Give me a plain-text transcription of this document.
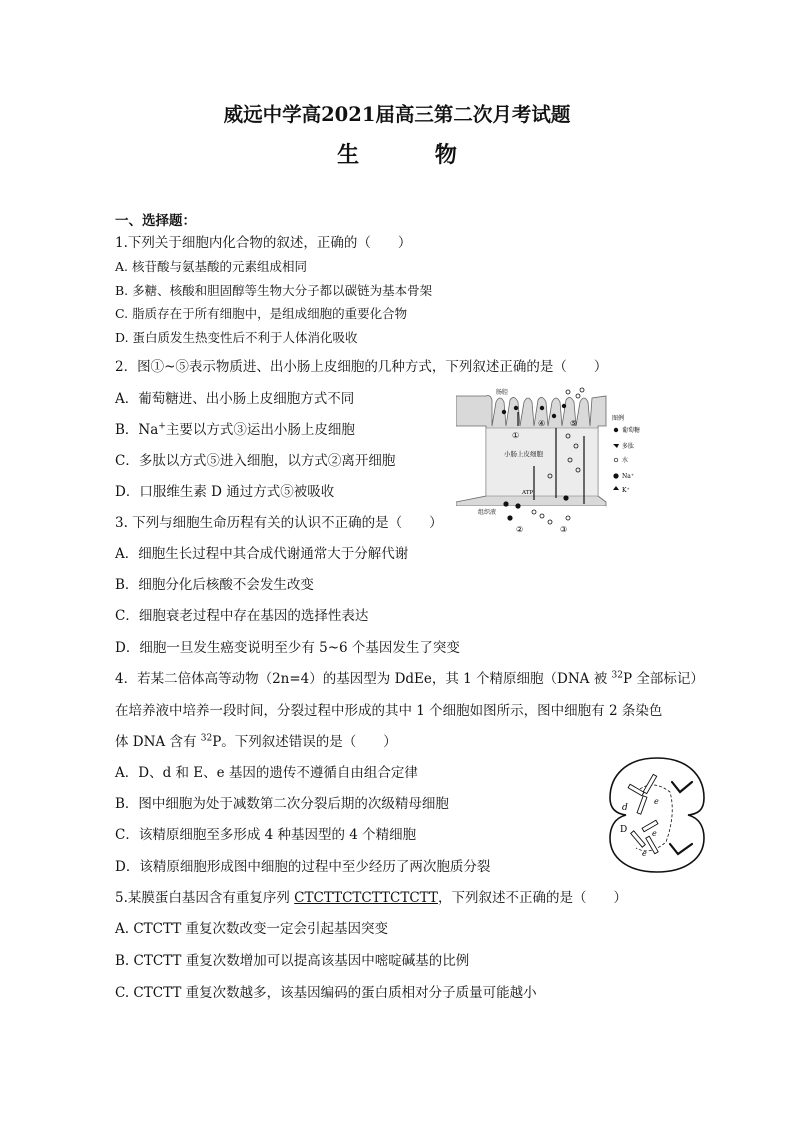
威远中学高2021届高三第二次月考试题
生 物
一、选择题：
1.下列关于细胞内化合物的叙述，正确的（　　）
A. 核苷酸与氨基酸的元素组成相同
B. 多糖、核酸和胆固醇等生物大分子都以碳链为基本骨架
C. 脂质存在于所有细胞中，是组成细胞的重要化合物
D. 蛋白质发生热变性后不利于人体消化吸收
2．图①~⑤表示物质进、出小肠上皮细胞的几种方式，下列叙述正确的是（　　）
A．葡萄糖进、出小肠上皮细胞方式不同
B．Na+主要以方式③运出小肠上皮细胞
C．多肽以方式⑤进入细胞，以方式②离开细胞
D．口服维生素 D 通过方式⑤被吸收
肠腔
小肠上皮细胞
组织液
①
②	③
④	⑤
ATP
图例
葡萄糖
多肽
水
Na⁺
K⁺
3. 下列与细胞生命历程有关的认识不正确的是（　　）
A．细胞生长过程中其合成代谢通常大于分解代谢
B．细胞分化后核酸不会发生改变
C．细胞衰老过程中存在基因的选择性表达
D．细胞一旦发生癌变说明至少有 5~6 个基因发生了突变
4．若某二倍体高等动物（2n=4）的基因型为 DdEe，其 1 个精原细胞（DNA 被 $^{32}$P 全部标记）
在培养液中培养一段时间，分裂过程中形成的其中 1 个细胞如图所示，图中细胞有 2 条染色
体 DNA 含有 $^{32}$P。下列叙述错误的是（　　）
A．D、d 和 E、e 基因的遗传不遵循自由组合定律
B．图中细胞为处于减数第二次分裂后期的次级精母细胞
C．该精原细胞至多形成 4 种基因型的 4 个精细胞
D．该精原细胞形成图中细胞的过程中至少经历了两次胞质分裂
d
D
e
e
e
5.某膜蛋白基因含有重复序列 CTCTTCTCTTCTCTT，下列叙述不正确的是（　　）
A. CTCTT 重复次数改变一定会引起基因突变
B. CTCTT 重复次数增加可以提高该基因中嘧啶碱基的比例
C. CTCTT 重复次数越多，该基因编码的蛋白质相对分子质量可能越小
